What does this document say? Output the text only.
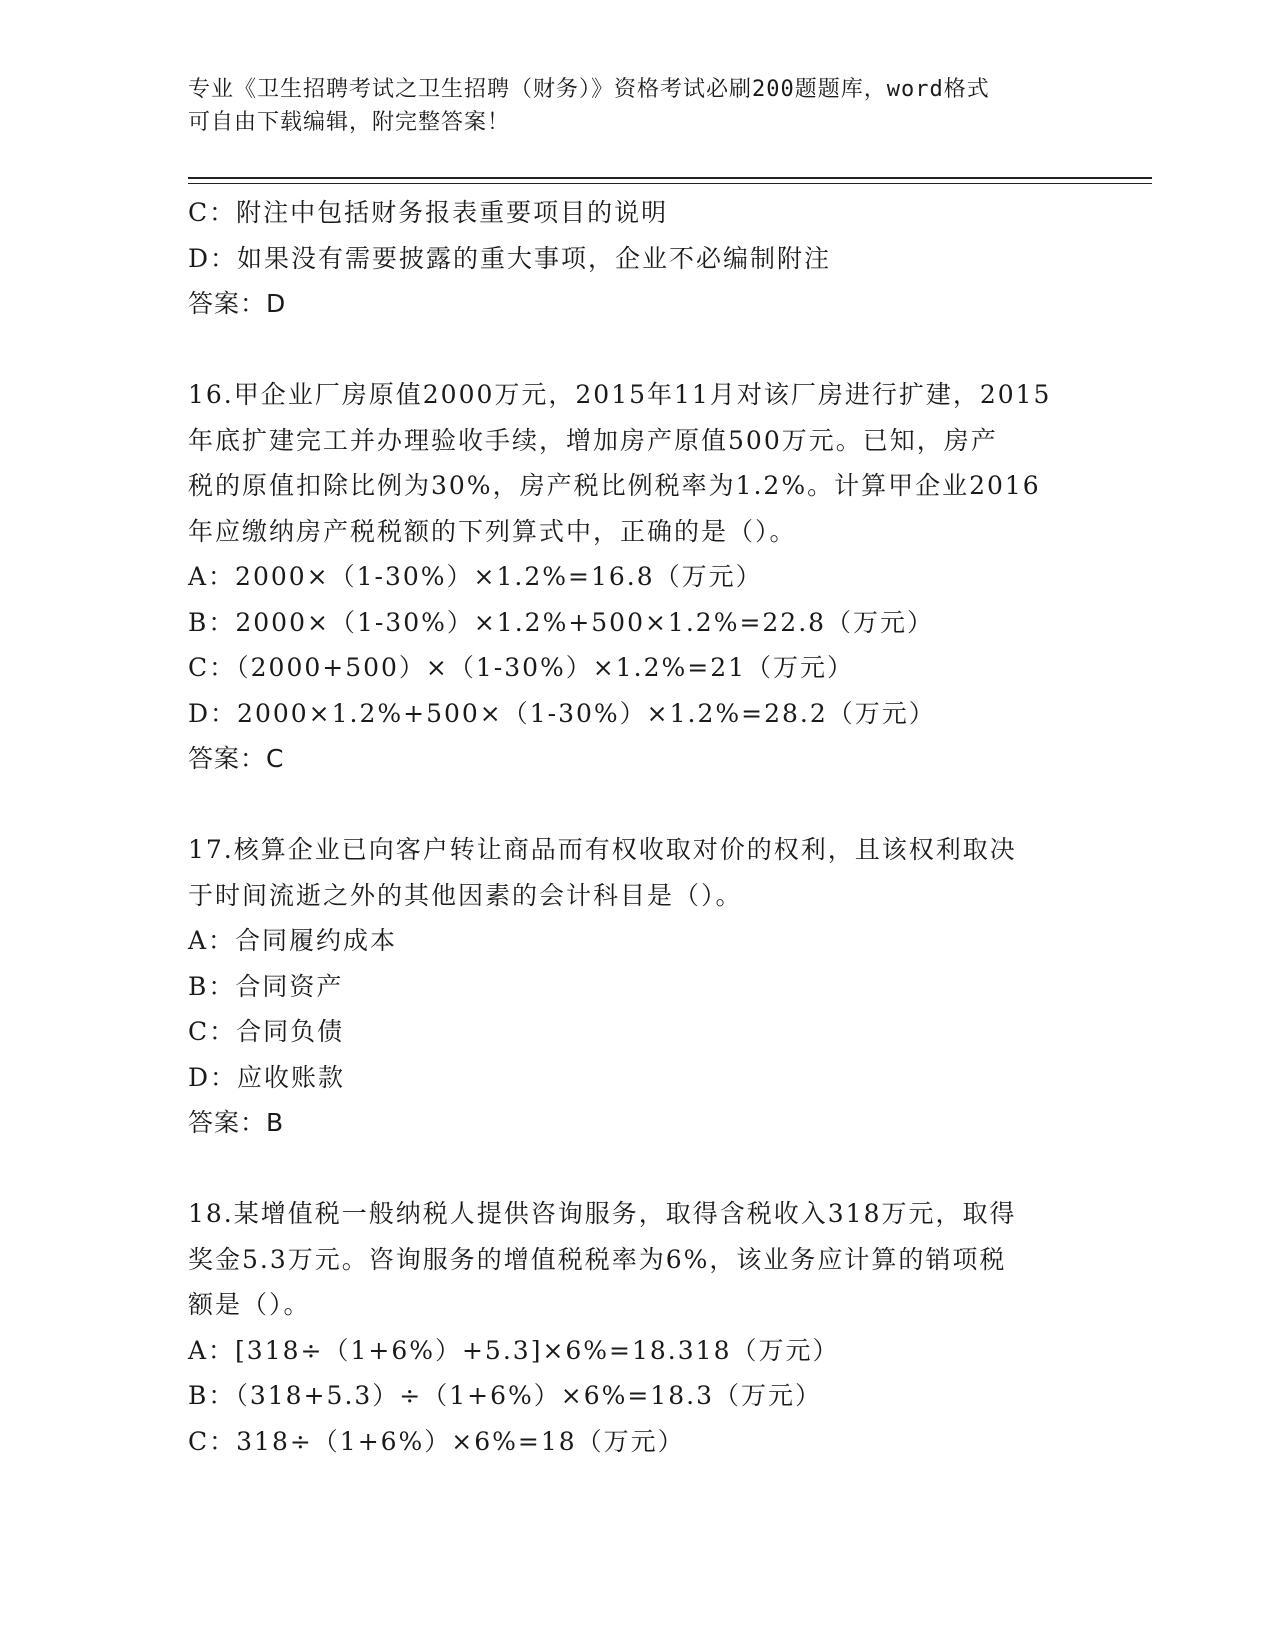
专业《卫生招聘考试之卫生招聘（财务）》资格考试必刷200题题库，word格式
可自由下载编辑，附完整答案！
C：附注中包括财务报表重要项目的说明
D：如果没有需要披露的重大事项，企业不必编制附注
答案：D
16.甲企业厂房原值2000万元，2015年11月对该厂房进行扩建，2015
年底扩建完工并办理验收手续，增加房产原值500万元。已知，房产
税的原值扣除比例为30%，房产税比例税率为1.2%。计算甲企业2016
年应缴纳房产税税额的下列算式中，正确的是（）。
A：2000×（1-30%）×1.2%=16.8（万元）
B：2000×（1-30%）×1.2%+500×1.2%=22.8（万元）
C：（2000+500）×（1-30%）×1.2%=21（万元）
D：2000×1.2%+500×（1-30%）×1.2%=28.2（万元）
答案：C
17.核算企业已向客户转让商品而有权收取对价的权利，且该权利取决
于时间流逝之外的其他因素的会计科目是（）。
A：合同履约成本
B：合同资产
C：合同负债
D：应收账款
答案：B
18.某增值税一般纳税人提供咨询服务，取得含税收入318万元，取得
奖金5.3万元。咨询服务的增值税税率为6%，该业务应计算的销项税
额是（）。
A：[318÷（1+6%）+5.3]×6%=18.318（万元）
B：（318+5.3）÷（1+6%）×6%=18.3（万元）
C：318÷（1+6%）×6%=18（万元）
